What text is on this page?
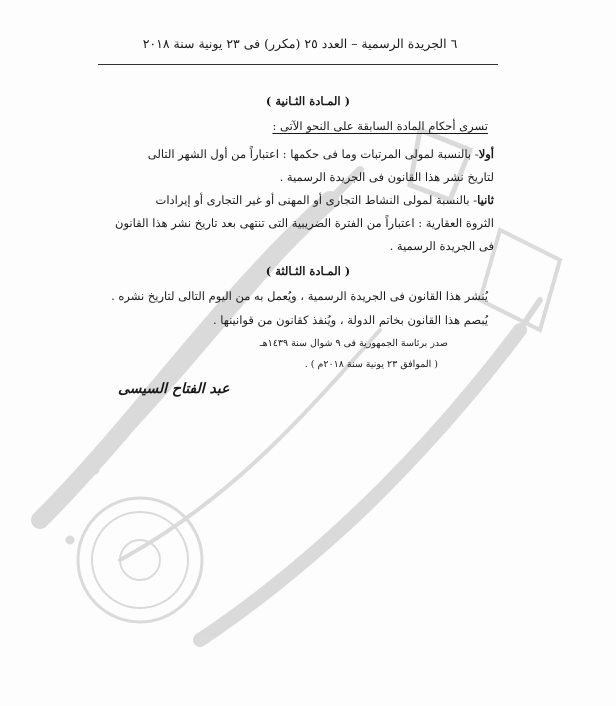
٦ الجريدة الرسمية – العدد ٢٥ (مكرر) فى ٢٣ يونية سنة ٢٠١٨
( المـادة الثـانية )
تسرى أحكام المادة السابقة على النحو الآتى :
أولا- بالنسبة لمولى المرتبات وما فى حكمها : اعتباراً من أول الشهر التالى
لتاريخ نشر هذا القانون فى الجريدة الرسمية .
ثانيا- بالنسبة لمولى النشاط التجارى أو المهنى أو غير التجارى أو إيرادات
الثروة العقارية : اعتباراً من الفترة الضريبية التى تنتهى بعد تاريخ نشر هذا القانون
فى الجريدة الرسمية .
( المـادة الثـالثة )
يُنشر هذا القانون فى الجريدة الرسمية ، ويُعمل به من اليوم التالى لتاريخ نشره .
يُبصم هذا القانون بخاتم الدولة ، ويُنفذ كقانون من قوانينها .
صدر برئاسة الجمهورية فى ٩ شوال سنة ١٤٣٩هـ
( الموافق ٢٣ يونية سنة ٢٠١٨م ) .
عبد الفتاح السيسى
